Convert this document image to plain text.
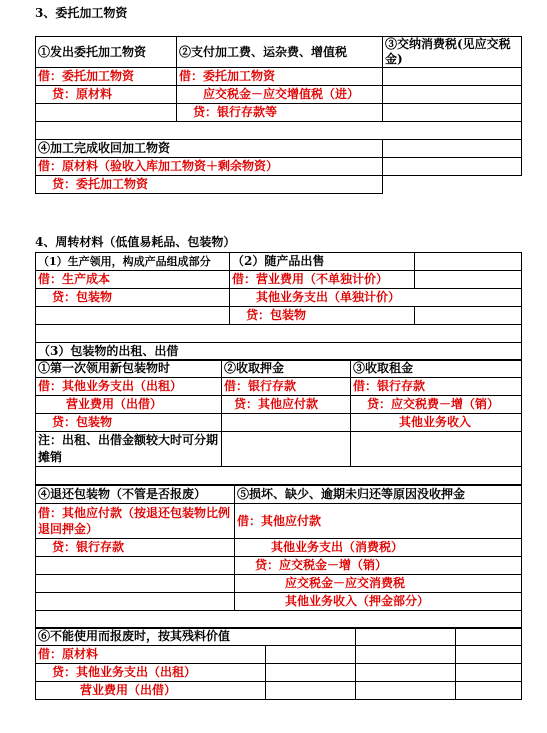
3、委托加工物资
①发出委托加工物资	②支付加工费、运杂费、增值税	③交纳消费税(见应交税金)
借：委托加工物资	借：委托加工物资	
贷：原材料	应交税金－应交增值税（进）	
	贷：银行存款等	

④加工完成收回加工物资		
借：原材料（验收入库加工物资＋剩余物资）		
贷：委托加工物资		
4、周转材料（低值易耗品、包装物）
（1）生产领用，构成产品组成部分	（2）随产品出售	
借：生产成本	借：营业费用（不单独计价）	
贷：包装物	其他业务支出（单独计价）	
	贷：包装物	

（3）包装物的出租、出借		
①第一次领用新包装物时	②收取押金	③收取租金
借：其他业务支出（出租）	借：银行存款	借：银行存款
营业费用（出借）	贷：其他应付款	贷：应交税费－增（销）
贷：包装物		其他业务收入
注：出租、出借金额较大时可分期摊销		

④退还包装物（不管是否报废）	⑤损坏、缺少、逾期未归还等原因没收押金
借：其他应付款（按退还包装物比例退回押金）	借：其他应付款
贷：银行存款	其他业务支出（消费税）
	贷：应交税金－增（销）
	应交税金－应交消费税
	其他业务收入（押金部分）

⑥不能使用而报废时，按其残料价值			
借：原材料			
贷：其他业务支出（出租）			
营业费用（出借）			
